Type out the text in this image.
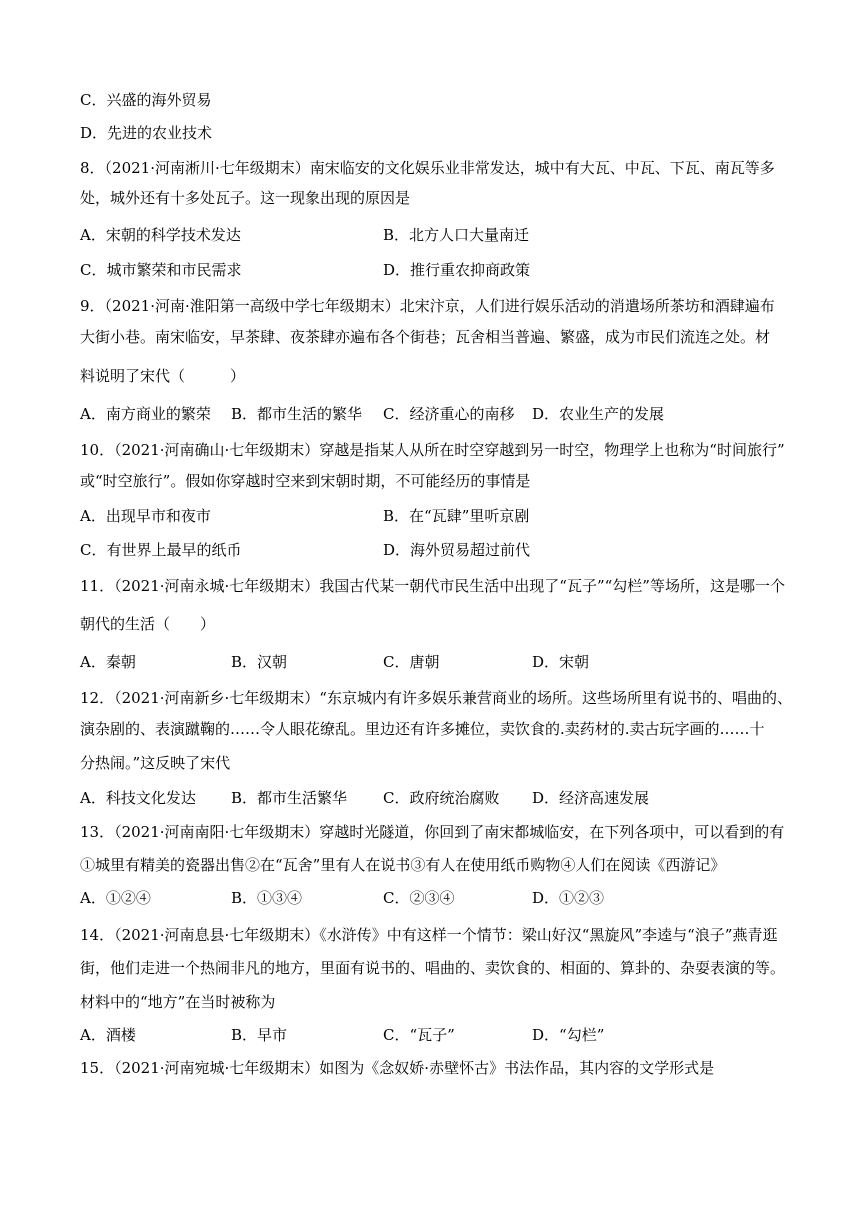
C．兴盛的海外贸易
D．先进的农业技术
8．（2021·河南淅川·七年级期末）南宋临安的文化娱乐业非常发达，城中有大瓦、中瓦、下瓦、南瓦等多
处，城外还有十多处瓦子。这一现象出现的原因是
A．宋朝的科学技术发达	B．北方人口大量南迁
C．城市繁荣和市民需求	D．推行重农抑商政策
9．（2021·河南·淮阳第一高级中学七年级期末）北宋汴京，人们进行娱乐活动的消遣场所茶坊和酒肆遍布
大街小巷。南宋临安，早茶肆、夜茶肆亦遍布各个街巷；瓦舍相当普遍、繁盛，成为市民们流连之处。材
料说明了宋代（　　　）
A．南方商业的繁荣 B．都市生活的繁华 C．经济重心的南移 D．农业生产的发展
10．（2021·河南确山·七年级期末）穿越是指某人从所在时空穿越到另一时空，物理学上也称为“时间旅行”
或“时空旅行”。假如你穿越时空来到宋朝时期，不可能经历的事情是
A．出现早市和夜市	B．在“瓦肆”里听京剧
C．有世界上最早的纸币	D．海外贸易超过前代
11．（2021·河南永城·七年级期末）我国古代某一朝代市民生活中出现了“瓦子”“勾栏”等场所，这是哪一个
朝代的生活（　　）
A．秦朝	B．汉朝	C．唐朝	D．宋朝
12．（2021·河南新乡·七年级期末）“东京城内有许多娱乐兼营商业的场所。这些场所里有说书的、唱曲的、
演杂剧的、表演蹴鞠的……令人眼花缭乱。里边还有许多摊位，卖饮食的.卖药材的.卖古玩字画的……十
分热闹。”这反映了宋代
A．科技文化发达 B．都市生活繁华 C．政府统治腐败 D．经济高速发展
13．（2021·河南南阳·七年级期末）穿越时光隧道，你回到了南宋都城临安，在下列各项中，可以看到的有
①城里有精美的瓷器出售②在“瓦舍”里有人在说书③有人在使用纸币购物④人们在阅读《西游记》
A．①②④	B．①③④	C．②③④	D．①②③
14．（2021·河南息县·七年级期末）《水浒传》中有这样一个情节：梁山好汉“黑旋风”李逵与“浪子”燕青逛
街，他们走进一个热闹非凡的地方，里面有说书的、唱曲的、卖饮食的、相面的、算卦的、杂耍表演的等。
材料中的“地方”在当时被称为
A．酒楼	B．早市	C．“瓦子”	D．“勾栏”
15．（2021·河南宛城·七年级期末）如图为《念奴娇·赤壁怀古》书法作品，其内容的文学形式是
